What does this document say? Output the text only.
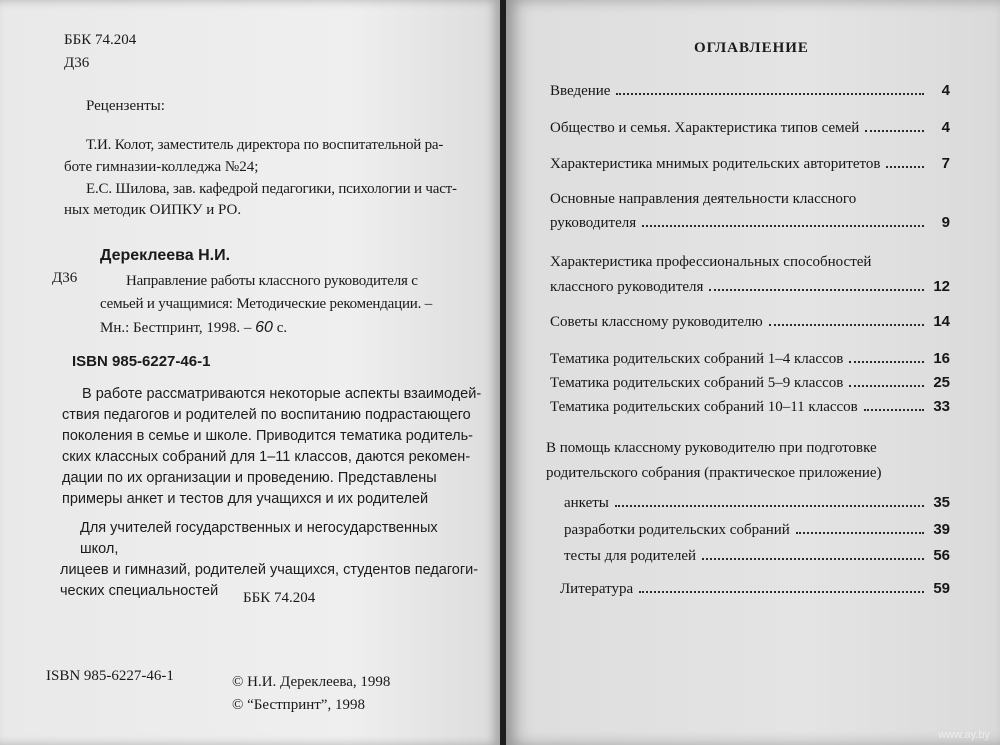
ББК 74.204
Д36
Рецензенты:
Т.И. Колот, заместитель директора по воспитательной ра-
боте гимназии-колледжа №24;
Е.С. Шилова, зав. кафедрой педагогики, психологии и част-
ных методик ОИПКУ и РО.
Дереклеева Н.И.
Д36	Направление работы классного руководителя с
семьей и учащимися: Методические рекомендации. –
Мн.: Бестпринт, 1998. – 60 с.
ISBN 985-6227-46-1
В работе рассматриваются некоторые аспекты взаимодей-
ствия педагогов и родителей по воспитанию подрастающего
поколения в семье и школе. Приводится тематика родитель-
ских классных собраний для 1–11 классов, даются рекомен-
дации по их организации и проведению. Представлены
примеры анкет и тестов для учащихся и их родителей
Для учителей государственных и негосударственных школ,
лицеев и гимназий, родителей учащихся, студентов педагоги-
ческих специальностей	ББК 74.204
ISBN 985-6227-46-1	© Н.И. Дереклеева, 1998
© “Бестпринт”, 1998
ОГЛАВЛЕНИЕ
Введение	4
Общество и семья. Характеристика типов семей	4
Характеристика мнимых родительских авторитетов	7
Основные направления деятельности классного
руководителя	9
Характеристика профессиональных способностей
классного руководителя	12
Советы классному руководителю	14
Тематика родительских собраний 1–4 классов	16
Тематика родительских собраний 5–9 классов	25
Тематика родительских собраний 10–11 классов	33
В помощь классному руководителю при подготовке
родительского собрания (практическое приложение)
анкеты	35
разработки родительских собраний	39
тесты для родителей	56
Литература	59
www.ay.by
